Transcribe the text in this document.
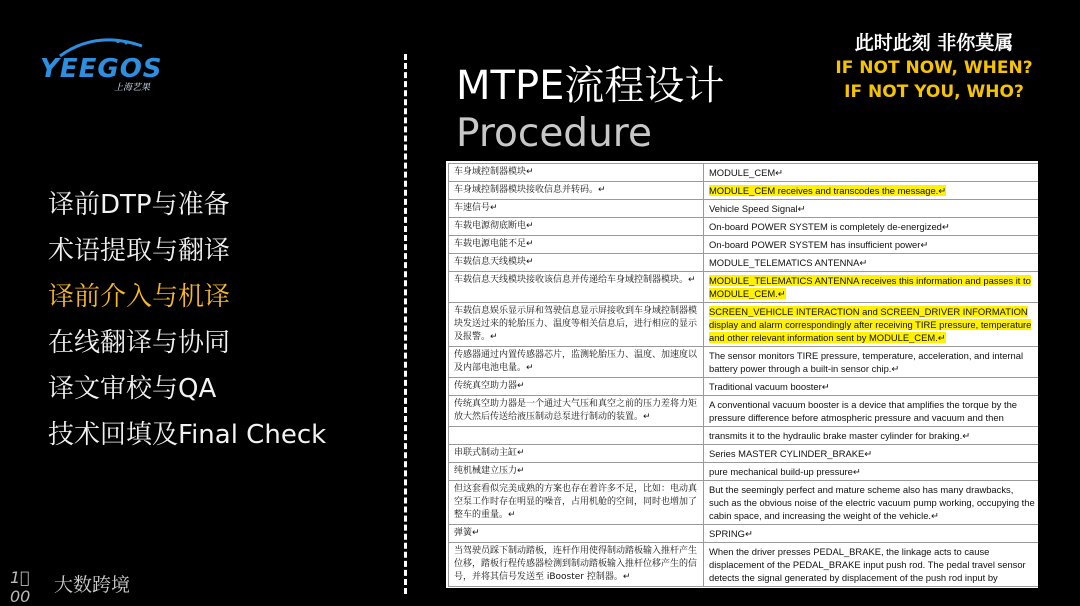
YEEGOS
上海艺果
译前DTP与准备
术语提取与翻译
译前介入与机译
在线翻译与协同
译文审校与QA
技术回填及Final Check
MTPE流程设计
Procedure
此时此刻 非你莫属
IF NOT NOW, WHEN?
IF NOT YOU, WHO?
车身域控制器模块↵	MODULE_CEM↵
车身域控制器模块接收信息并转码。↵	MODULE_CEM receives and transcodes the message.↵
车速信号↵	Vehicle Speed Signal↵
车载电源彻底断电↵	On-board POWER SYSTEM is completely de-energized↵
车载电源电能不足↵	On-board POWER SYSTEM has insufficient power↵
车载信息天线模块↵	MODULE_TELEMATICS ANTENNA↵
车载信息天线模块接收该信息并传递给车身域控制器模块。↵	MODULE_TELEMATICS ANTENNA receives this information and passes it to MODULE_CEM.↵
车载信息娱乐显示屏和驾驶信息显示屏接收到车身域控制器模块发送过来的轮胎压力、温度等相关信息后，进行相应的显示及报警。↵	SCREEN_VEHICLE INTERACTION and SCREEN_DRIVER INFORMATION display and alarm correspondingly after receiving TIRE pressure, temperature and other relevant information sent by MODULE_CEM.↵
传感器通过内置传感器芯片，监测轮胎压力、温度、加速度以及内部电池电量。↵	The sensor monitors TIRE pressure, temperature, acceleration, and internal battery power through a built-in sensor chip.↵
传统真空助力器↵	Traditional vacuum booster↵
传统真空助力器是一个通过大气压和真空之前的压力差将力矩放大然后传送给液压制动总泵进行制动的装置。↵	A conventional vacuum booster is a device that amplifies the torque by the pressure difference before atmospheric pressure and vacuum and then
	transmits it to the hydraulic brake master cylinder for braking.↵
串联式制动主缸↵	Series MASTER CYLINDER_BRAKE↵
纯机械建立压力↵	pure mechanical build-up pressure↵
但这套看似完美成熟的方案也存在着许多不足，比如：电动真空泵工作时存在明显的噪音，占用机舱的空间，同时也增加了整车的重量。↵	But the seemingly perfect and mature scheme also has many drawbacks, such as the obvious noise of the electric vacuum pump working, occupying the cabin space, and increasing the weight of the vehicle.↵
弹簧↵	SPRING↵
当驾驶员踩下制动踏板，连杆作用使得制动踏板输入推杆产生位移，踏板行程传感器检测到制动踏板输入推杆位移产生的信号，并将其信号发送至 iBooster 控制器。↵	When the driver presses PEDAL_BRAKE, the linkage acts to cause displacement of the PEDAL_BRAKE input push rod. The pedal travel sensor detects the signal generated by displacement of the push rod input by
1⃝ 00
大数跨境
